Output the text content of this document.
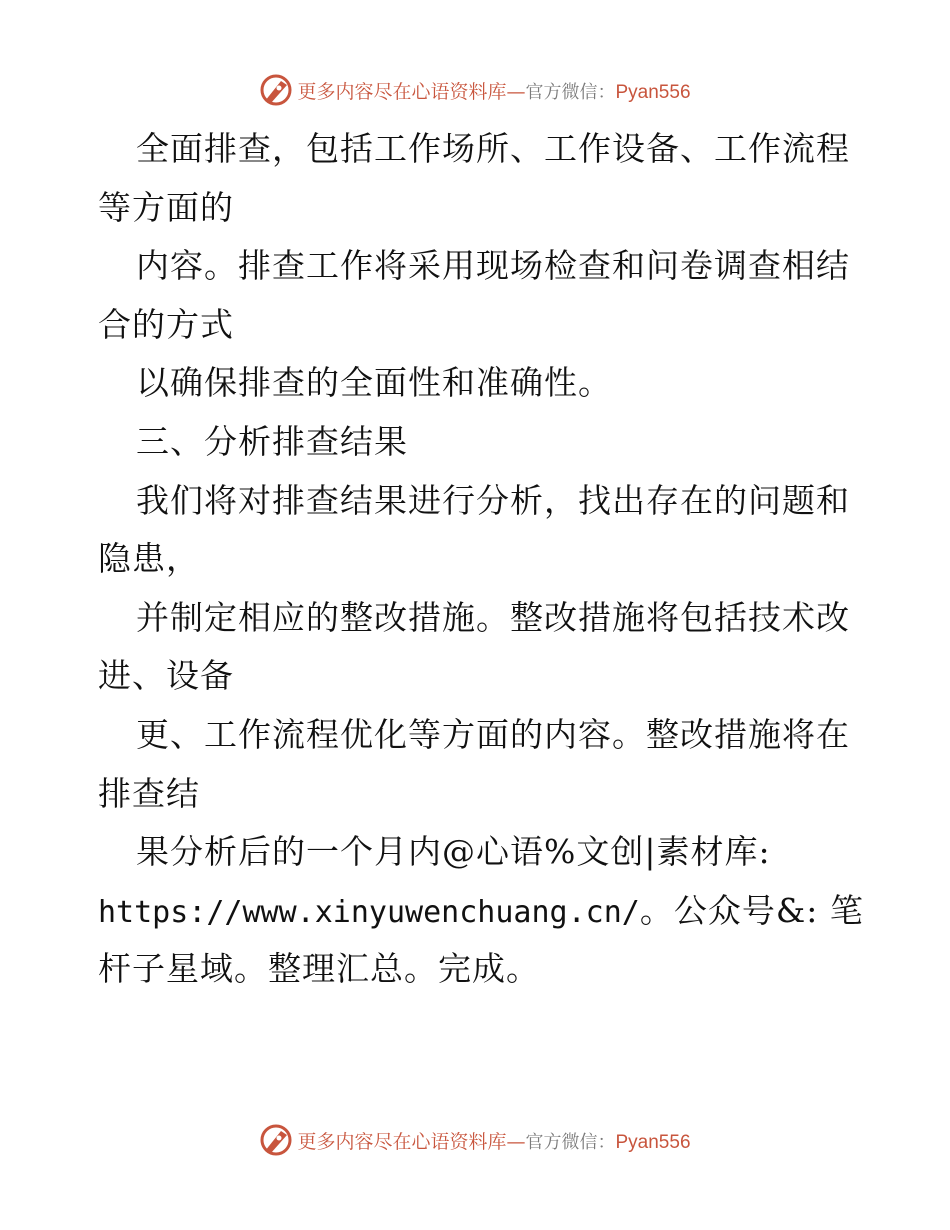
更多内容尽在心语资料库—官方微信：Pyan556
全面排查，包括工作场所、工作设备、工作流程
等方面的
内容。排查工作将采用现场检查和问卷调查相结
合的方式
以确保排查的全面性和准确性。
三、分析排查结果
我们将对排查结果进行分析，找出存在的问题和
隐患，
并制定相应的整改措施。整改措施将包括技术改
进、设备
更、工作流程优化等方面的内容。整改措施将在
排查结
果分析后的一个月内@心语%文创|素材库:
https://www.xinyuwenchuang.cn/。公众号&: 笔
杆子星域。整理汇总。完成。
更多内容尽在心语资料库—官方微信：Pyan556
